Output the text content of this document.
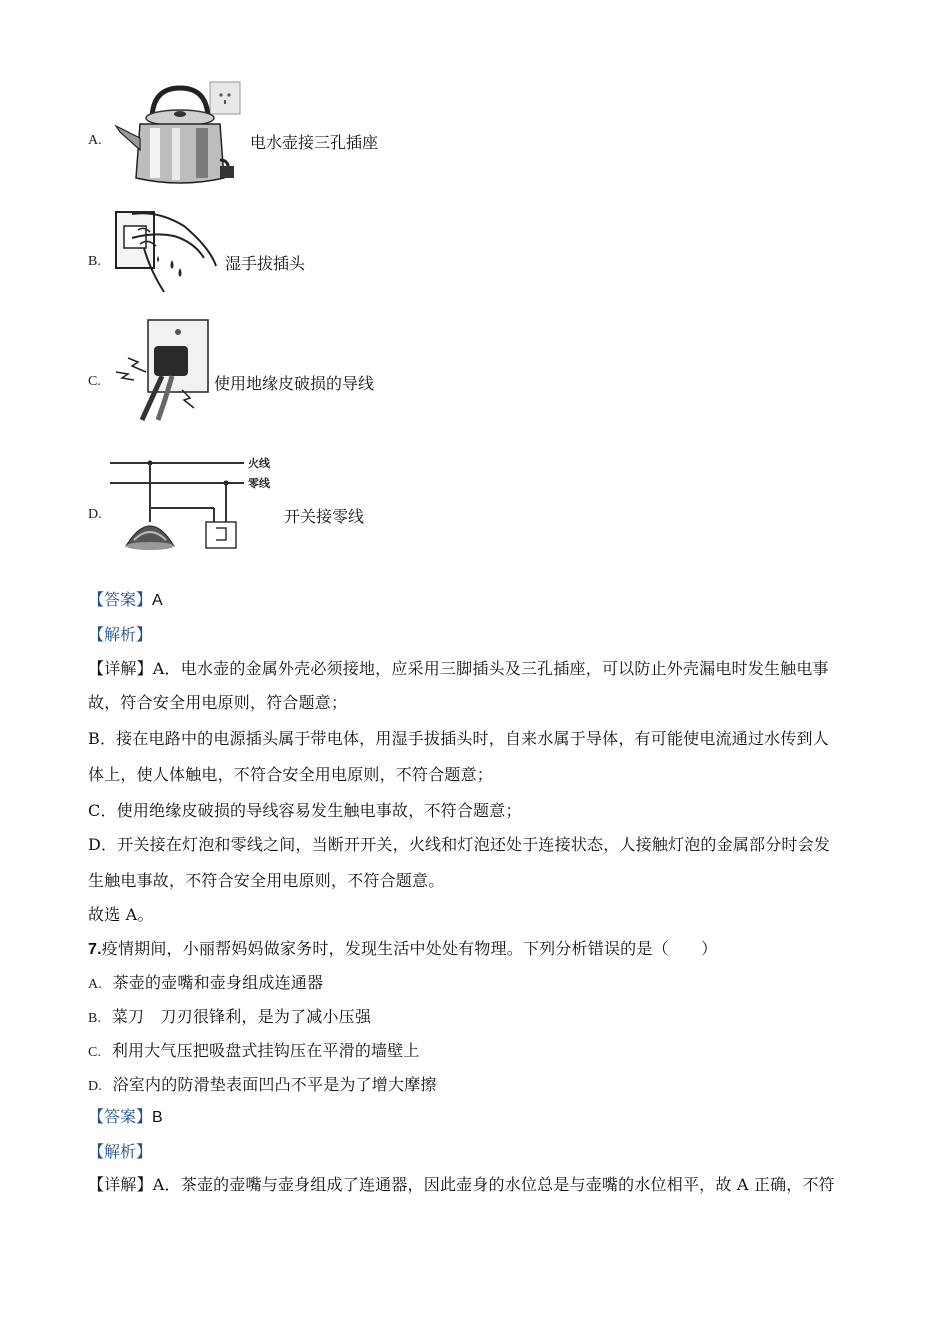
A.	电水壶接三孔插座
B.	湿手拔插头
C.	使用地缘皮破损的导线
D.
火线
零线
开关接零线
【答案】A
【解析】
【详解】A．电水壶的金属外壳必须接地，应采用三脚插头及三孔插座，可以防止外壳漏电时发生触电事
故，符合安全用电原则，符合题意；
B．接在电路中的电源插头属于带电体，用湿手拔插头时，自来水属于导体，有可能使电流通过水传到人
体上，使人体触电，不符合安全用电原则，不符合题意；
C．使用绝缘皮破损的导线容易发生触电事故，不符合题意；
D．开关接在灯泡和零线之间，当断开开关，火线和灯泡还处于连接状态，人接触灯泡的金属部分时会发
生触电事故，不符合安全用电原则，不符合题意。
故选 A。
7.疫情期间，小丽帮妈妈做家务时，发现生活中处处有物理。下列分析错误的是（　　）
A. 茶壶的壶嘴和壶身组成连通器
B. 菜刀　刀刃很锋利，是为了减小压强
C. 利用大气压把吸盘式挂钩压在平滑的墙壁上
D. 浴室内的防滑垫表面凹凸不平是为了增大摩擦
【答案】B
【解析】
【详解】A．茶壶的壶嘴与壶身组成了连通器，因此壶身的水位总是与壶嘴的水位相平，故 A 正确，不符
